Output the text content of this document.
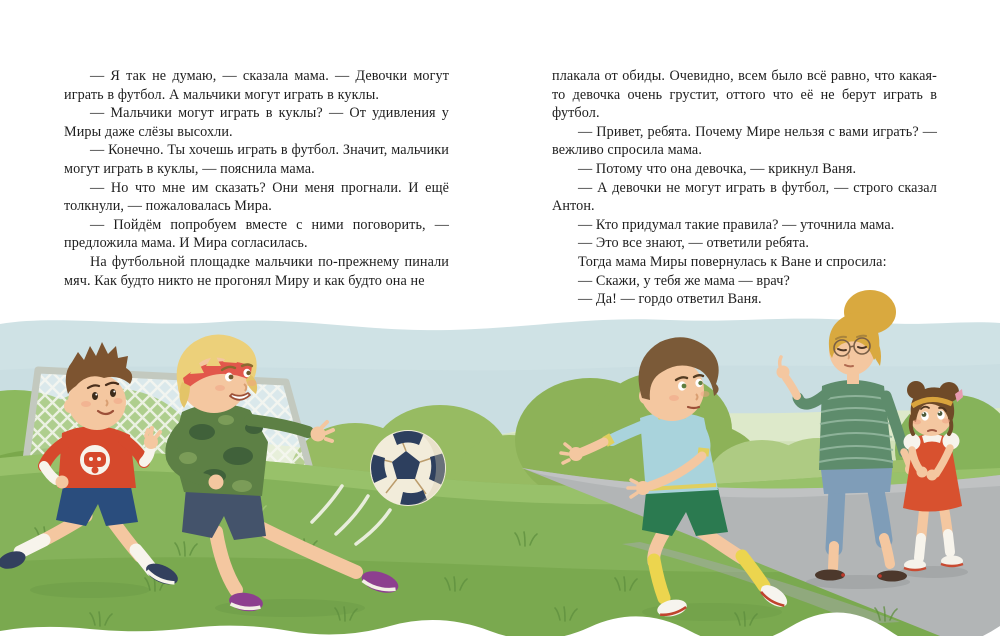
— Я так не думаю, — сказала мама. — Девочки могут играть в футбол. А мальчики могут играть в куклы.

— Мальчики могут играть в куклы? — От удивления у Миры даже слёзы высохли.

— Конечно. Ты хочешь играть в футбол. Значит, мальчики могут играть в куклы, — пояснила мама.

— Но что мне им сказать? Они меня прогнали. И ещё толкнули, — пожаловалась Мира.

— Пойдём попробуем вместе с ними поговорить, — предложила мама. И Мира согласилась.

На футбольной площадке мальчики по-прежнему пинали мяч. Как будто никто не прогонял Миру и как будто она не

плакала от обиды. Очевидно, всем было всё равно, что какая-то девочка очень грустит, оттого что её не берут играть в футбол.

— Привет, ребята. Почему Мире нельзя с вами играть? — вежливо спросила мама.

— Потому что она девочка, — крикнул Ваня.

— А девочки не могут играть в футбол, — строго сказал Антон.

— Кто придумал такие правила? — уточнила мама.

— Это все знают, — ответили ребята.

Тогда мама Миры повернулась к Ване и спросила:

— Скажи, у тебя же мама — врач?

— Да! — гордо ответил Ваня.
